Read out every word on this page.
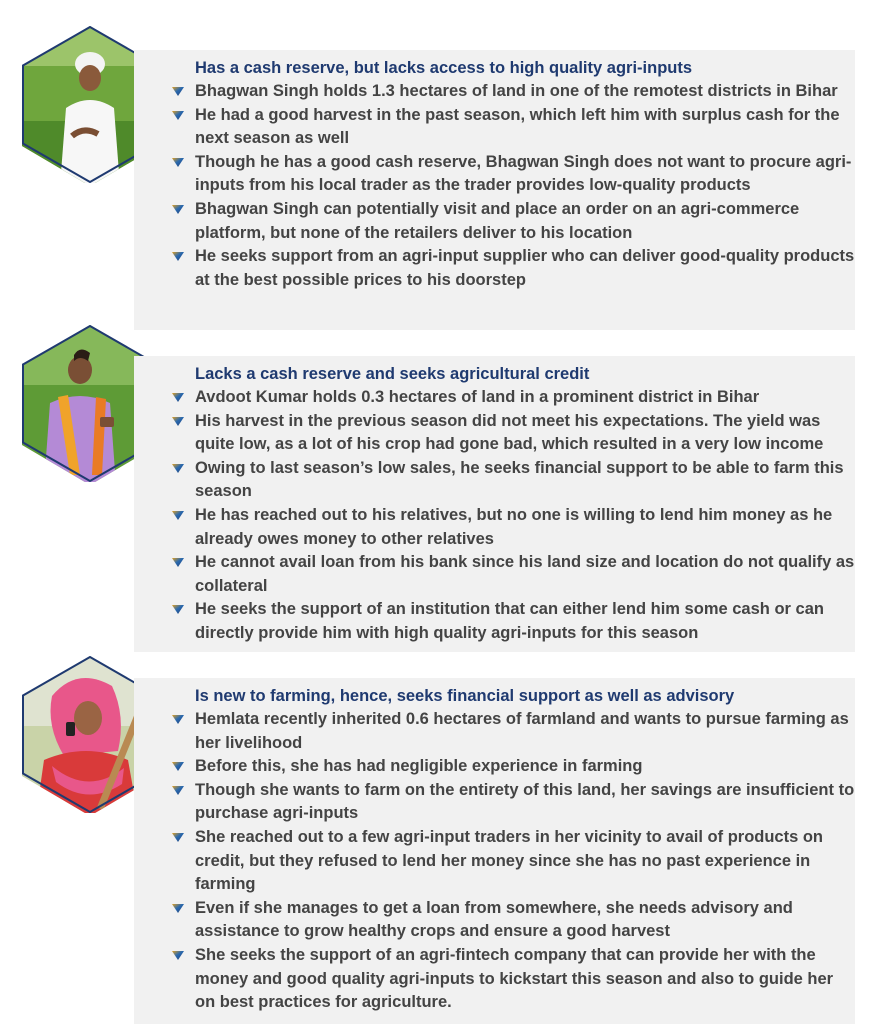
Has a cash reserve, but lacks access to high quality agri-inputs
Bhagwan Singh holds 1.3 hectares of land in one of the remotest districts in Bihar
He had a good harvest in the past season, which left him with surplus cash for the next season as well
Though he has a good cash reserve, Bhagwan Singh does not want to procure agri-inputs from his local trader as the trader provides low-quality products
Bhagwan Singh can potentially visit and place an order on an agri-commerce platform, but none of the retailers deliver to his location
He seeks support from an agri-input supplier who can deliver good-quality products at the best possible prices to his doorstep
Lacks a cash reserve and seeks agricultural credit
Avdoot Kumar holds 0.3 hectares of land in a prominent district in Bihar
His harvest in the previous season did not meet his expectations. The yield was quite low, as a lot of his crop had gone bad, which resulted in a very low income
Owing to last season’s low sales, he seeks financial support to be able to farm this season
He has reached out to his relatives, but no one is willing to lend him money as he already owes money to other relatives
He cannot avail loan from his bank since his land size and location do not qualify as collateral
He seeks the support of an institution that can either lend him some cash or can directly provide him with high quality agri-inputs for this season
Is new to farming, hence, seeks financial support as well as advisory
Hemlata recently inherited 0.6 hectares of farmland and wants to pursue farming as her livelihood
Before this, she has had negligible experience in farming
Though she wants to farm on the entirety of this land, her savings are insufficient to purchase agri-inputs
She reached out to a few agri-input traders in her vicinity to avail of products on credit, but they refused to lend her money since she has no past experience in farming
Even if she manages to get a loan from somewhere, she needs advisory and assistance to grow healthy crops and ensure a good harvest
She seeks the support of an agri-fintech company that can provide her with the money and good quality agri-inputs to kickstart this season and also to guide her on best practices for agriculture.
